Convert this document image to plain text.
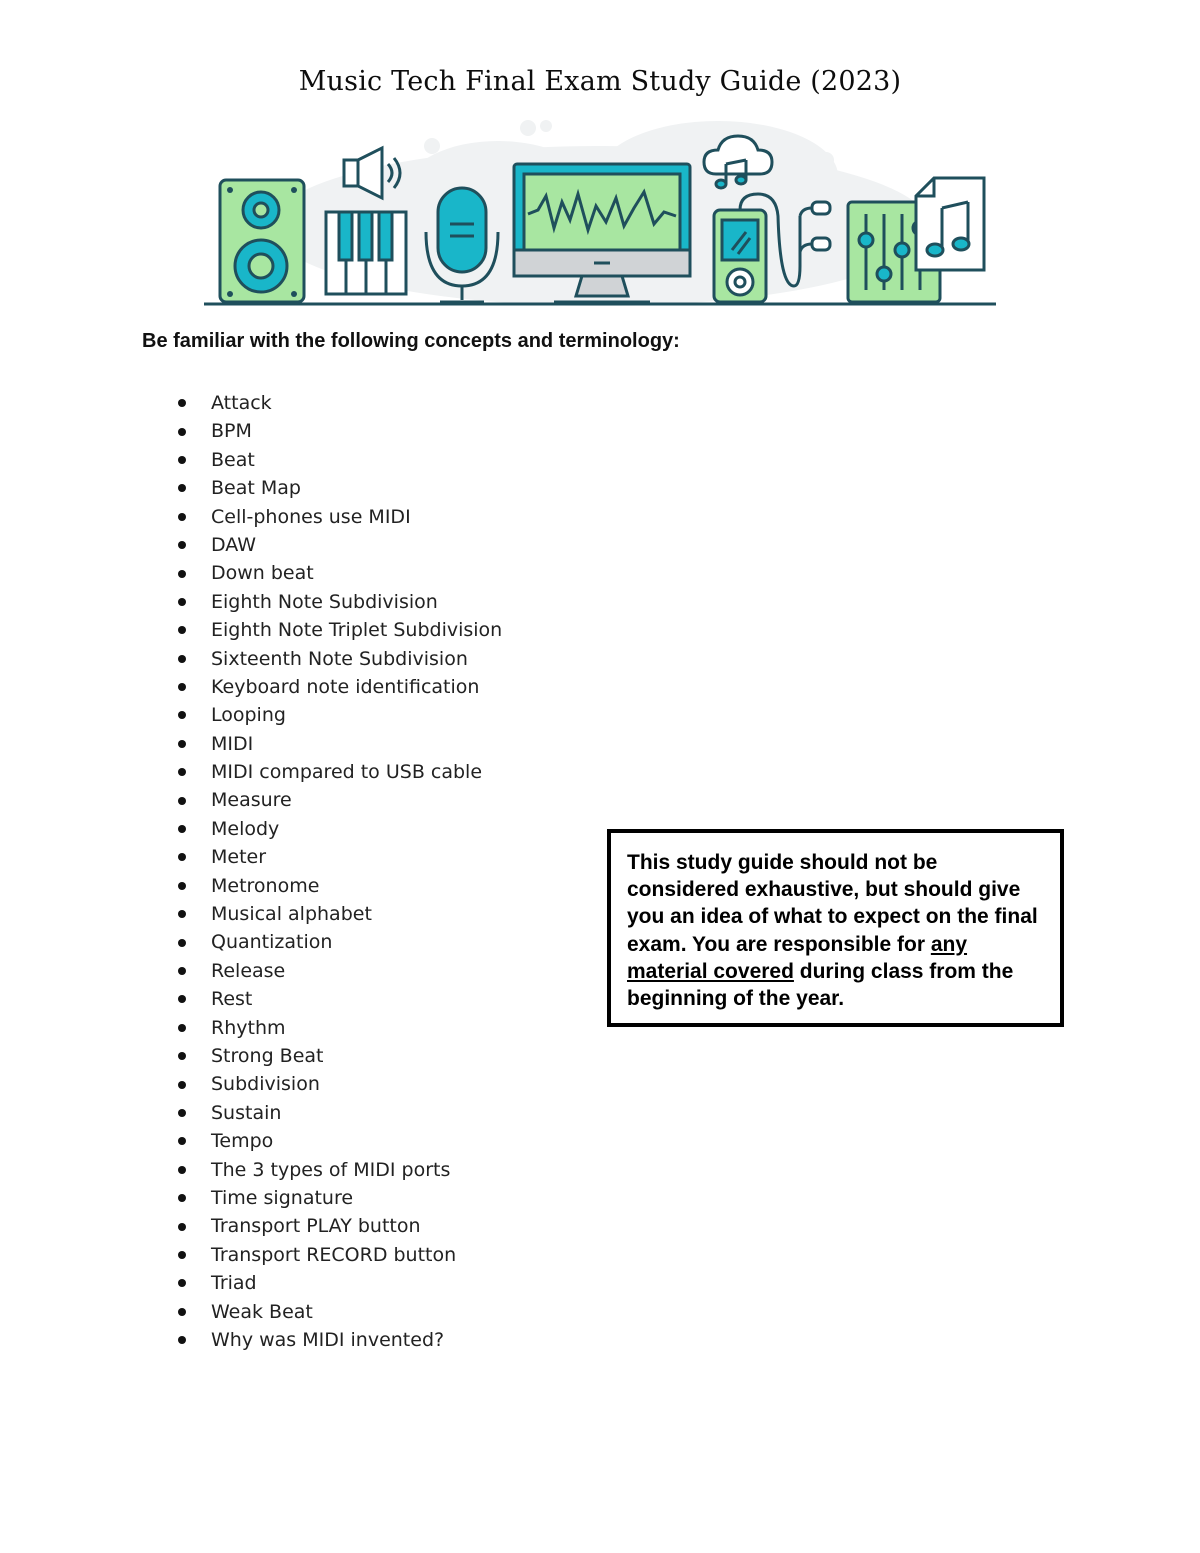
Music Tech Final Exam Study Guide (2023)
Be familiar with the following concepts and terminology:
Attack
BPM
Beat
Beat Map
Cell-phones use MIDI
DAW
Down beat
Eighth Note Subdivision
Eighth Note Triplet Subdivision
Sixteenth Note Subdivision
Keyboard note identification
Looping
MIDI
MIDI compared to USB cable
Measure
Melody
Meter
Metronome
Musical alphabet
Quantization
Release
Rest
Rhythm
Strong Beat
Subdivision
Sustain
Tempo
The 3 types of MIDI ports
Time signature
Transport PLAY button
Transport RECORD button
Triad
Weak Beat
Why was MIDI invented?
This study guide should not be considered exhaustive, but should give you an idea of what to expect on the final exam. You are responsible for any material covered during class from the beginning of the year.
